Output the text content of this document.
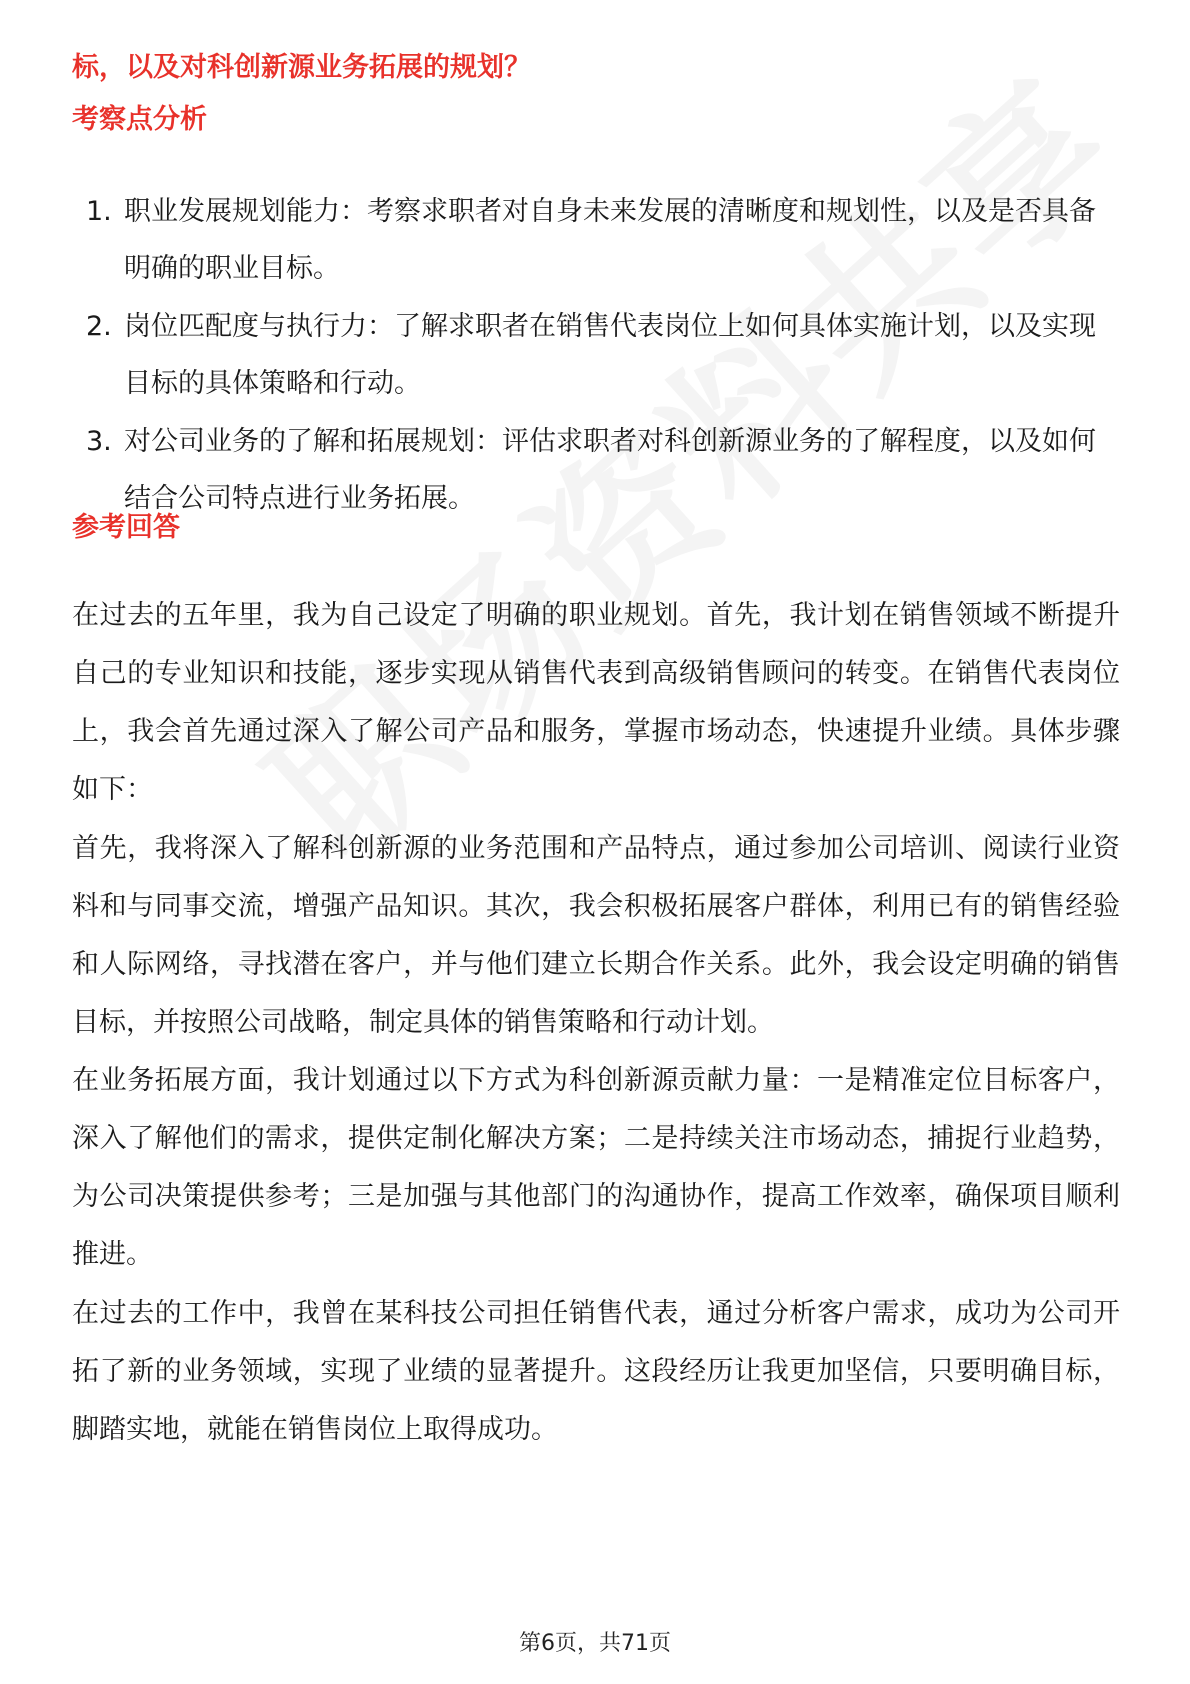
标，以及对科创新源业务拓展的规划？
考察点分析
1. 职业发展规划能力：考察求职者对自身未来发展的清晰度和规划性，以及是否具备明确的职业目标。
2. 岗位匹配度与执行力：了解求职者在销售代表岗位上如何具体实施计划，以及实现目标的具体策略和行动。
3. 对公司业务的了解和拓展规划：评估求职者对科创新源业务的了解程度，以及如何结合公司特点进行业务拓展。
参考回答

在过去的五年里，我为自己设定了明确的职业规划。首先，我计划在销售领域不断提升自己的专业知识和技能，逐步实现从销售代表到高级销售顾问的转变。在销售代表岗位上，我会首先通过深入了解公司产品和服务，掌握市场动态，快速提升业绩。具体步骤如下：

首先，我将深入了解科创新源的业务范围和产品特点，通过参加公司培训、阅读行业资料和与同事交流，增强产品知识。其次，我会积极拓展客户群体，利用已有的销售经验和人际网络，寻找潜在客户，并与他们建立长期合作关系。此外，我会设定明确的销售目标，并按照公司战略，制定具体的销售策略和行动计划。

在业务拓展方面，我计划通过以下方式为科创新源贡献力量：一是精准定位目标客户，深入了解他们的需求，提供定制化解决方案；二是持续关注市场动态，捕捉行业趋势，为公司决策提供参考；三是加强与其他部门的沟通协作，提高工作效率，确保项目顺利推进。

在过去的工作中，我曾在某科技公司担任销售代表，通过分析客户需求，成功为公司开拓了新的业务领域，实现了业绩的显著提升。这段经历让我更加坚信，只要明确目标，脚踏实地，就能在销售岗位上取得成功。

第6页，共71页
